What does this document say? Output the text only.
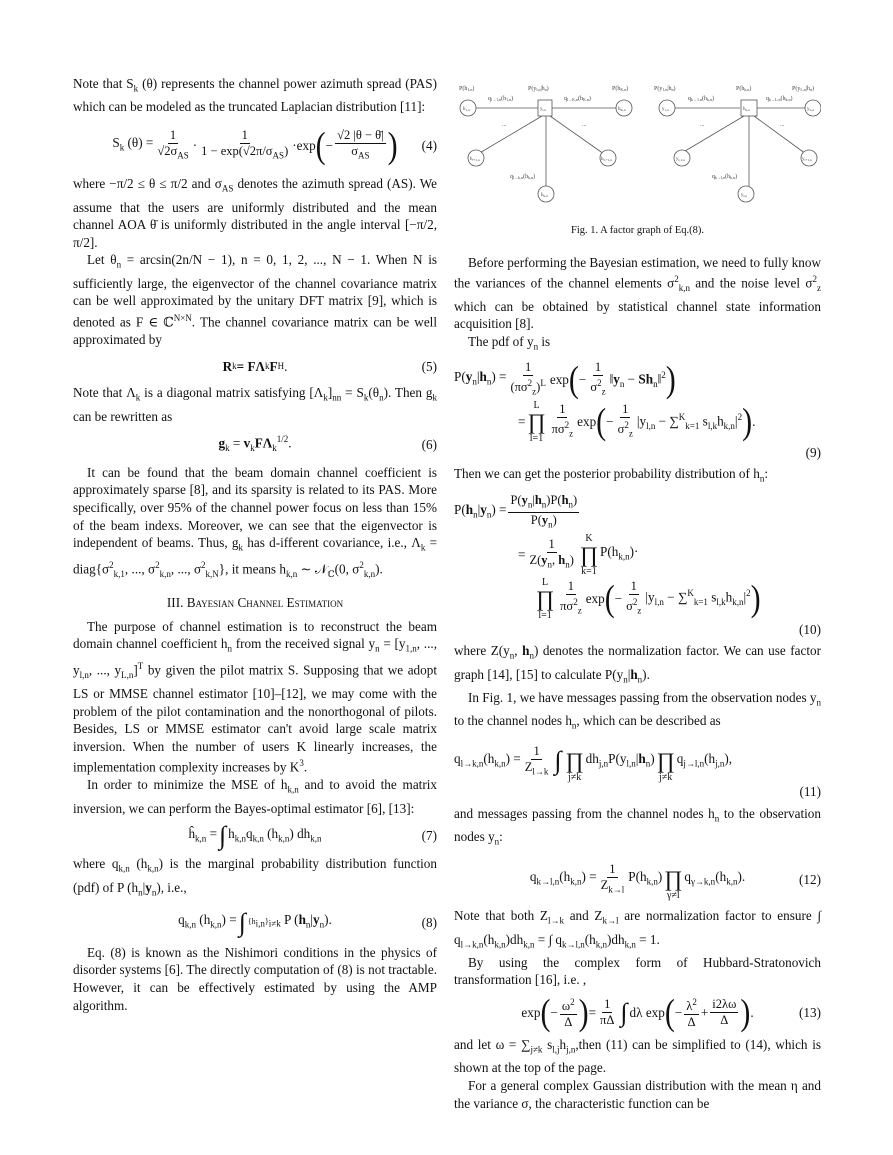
Note that $S_k$ (θ) represents the channel power azimuth spread (PAS) which can be modeled as the truncated Laplacian distribution [11]:

$S_k$ $(\theta) = \frac{1}{√2\sigma_{AS}} \cdot \frac{1}{1 - \exp(√2\pi/\sigma_{AS})} \cdot\exp$ ( − $\frac{√2 |\theta - \thetā|}{\sigma_{AS}}$ ) (4)

where −π/2 ≤ θ ≤ π/2 and $\sigma_{AS}$ denotes the azimuth spread (AS). We assume that the users are uniformly distributed and the mean channel AOA θ̄ is uniformly distributed in the angle interval [−π/2, π/2].

Let $\theta_n = \arcsin(2n/N - 1)$, n = 0, 1, 2, ..., N − 1. When N is sufficiently large, the eigenvector of the channel covariance matrix can be well approximated by the unitary DFT matrix [9], which is denoted as F ∈ ℂ$^{N\times N}$. The channel covariance matrix can be well approximated by

R k = FΛ k F H .	(5)

Note that $\Lambda_k$ is a diagonal matrix satisfying $[\Lambda_k]_{nn} = S_k(\theta_n)$. Then $g_k$ can be rewritten as

$g_k = v_kF\Lambda_k^{1/2}$.	(6)

It can be found that the beam domain channel coefficient is approximately sparse [8], and its sparsity is related to its PAS. More specifically, over 95% of the channel power focus on less than 15% of the beam indexs. Moreover, we can see that the eigenvector is independent of beams. Thus, $g_k$ has d-ifferent covariance, i.e., $\Lambda_k$ = $diag\{\sigma^2_{k,1}$, ..., $\sigma^2_{k,n}$, ..., $\sigma^2_{k,N}$}, it means $h_{k,n}$ ∼ 𝒩$_ℂ$(0, $\sigma^2_{k,n}$).

III. Bayesian Channel Estimation

The purpose of channel estimation is to reconstruct the beam domain channel coefficient $h_n$ from the received signal $y_n = [y_{1,n}$, ..., $y_{l,n}$, ..., $y_{L,n}]^T$ by given the pilot matrix S. Supposing that we adopt LS or MMSE channel estimator [10]–[12], we may come with the problem of the pilot contamination and the nonorthogonal of pilots. Besides, LS or MMSE estimator can't avoid large scale matrix inversion. When the number of users K linearly increases, the implementation complexity increases by $K^3$.

In order to minimize the MSE of $h_{k,n}$ and to avoid the matrix inversion, we can perform the Bayes-optimal estimator [6], [13]:

$ĥ_{k,n}$ = ∫ $h_{k,n}q_{k,n}$ $(h_{k,n})$ $dh_{k,n}$	(7)

where $q_{k,n}$ $(h_{k,n})$ is the marginal probability distribution function (pdf) of P $(h_n|y_n)$, i.e.,

$q_{k,n}$ $(h_{k,n})$ = ∫ $\{h_{i,n}\}_{i\ne k}$ P $(h_n|y_n)$.	(8)

Eq. (8) is known as the Nishimori conditions in the physics of disorder systems [6]. The directly computation of (8) is not tractable. However, it can be effectively estimated by using the AMP algorithm.

P(h1,n)	P(yl,n|hn)	P(hK,n)
ql→1,n(h1,n)	ql→K,n(hK,n)
ql→k,n(hk,n)
...	...
$h_{1,n}$	$h_{K,n}$
$y_{l,n}$
$h_{l+1,n}$	$h_{L+1,n}$
$h_{k,n}$
P(y1,n|hn)	P(hk,n)	P(yL,n|hn)
qk→1,n(hk,n)	qk→L,n(hk,n)
qk→l,n(hk,n)
...	...
$y_{1,n}$	$y_{L,n}$
$h_{k,n}$
$y_{l-1,n}$	$y_{l+1,n}$
$y_{l,n}$
Fig. 1. A factor graph of Eq.(8).

Before performing the Bayesian estimation, we need to fully know the variances of the channel elements $\sigma^2_{k,n}$ and the noise level $\sigma^2_z$ which can be obtained by statistical channel state information acquisition [8].

The pdf of $y_n$ is

$P(y_n|h_n) = \frac{1}{(\pi\sigma^2_z)^L}$ exp ( − $\frac{1}{\sigma^2_z}$ $‖y_n$ − $Sh_n‖^2$ )
=
L
∏
$l=1 \frac{1}{\pi\sigma^2_z}$ exp ( − $\frac{1}{\sigma^2_z} |y_{l,n} - \sum^K_{k=1}$ $s_{l,k}h_{k,n}|^2$ ) .
(9)

Then we can get the posterior probability distribution of $h_n$:

$P(h_n|y_n) = \frac{P(y_n|h_n)P(h_n)}{P(y_n)}$
= $\frac{1}{Z(y_n, h_n)}$ K
∏
k=1
$P(h_{k,n})\cdot$
L
∏
$l=1 \frac{1}{\pi\sigma^2_z}$ exp ( − $\frac{1}{\sigma^2_z} |y_{l,n} - \sum^K_{k=1}$ $s_{l,k}h_{k,n}|^2$ )
(10)

where $Z(y_n$, $h_n$) denotes the normalization factor. We can use factor graph [14], [15] to calculate $P(y_n|h_n)$.

In Fig. 1, we have messages passing from the observation nodes $y_n$ to the channel nodes $h_n$, which can be described as

$q_{l\to k,n}(h_{k,n}) = \frac{1}{Z_{l\to k}}$ ∫
∏
j≠k
$dh_{j,n}P(y_{l,n}|h_n)$
∏
j≠k
$q_{j\to l,n}(h_{j,n})$,
(11)

and messages passing from the channel nodes $h_n$ to the observation nodes $y_n$:

$q_{k\to l,n}(h_{k,n}) = \frac{1}{Z_{k\to l}} P(h_{k,n})$
∏
γ≠l
$q_{\gamma\to k,n}(h_{k,n})$.	(12)

Note that both $Z_{l\to k}$ and $Z_{k\to l}$ are normalization factor to ensure ∫ $q_{l\to k,n}(h_{k,n})dh_{k,n}$ = ∫ $q_{k\to l,n}(h_{k,n})dh_{k,n} = 1$.

By using the complex form of Hubbard-Stratonovich transformation [16], i.e. ,

exp ( − $\frac{\omega^2}{\Delta}$ ) = $\frac{1}{\pi\Delta}$ ∫ dλ exp ( − $\frac{\lambda^2}{\Delta} + \frac{i2\lambda\omega}{\Delta}$ ) .	(13)

and let $\omega = \sum_{j\ne k}$ $s_{l,j}h_{j,n},then$ (11) can be simplified to (14), which is shown at the top of the page.

For a general complex Gaussian distribution with the mean η and the variance σ, the characteristic function can be
